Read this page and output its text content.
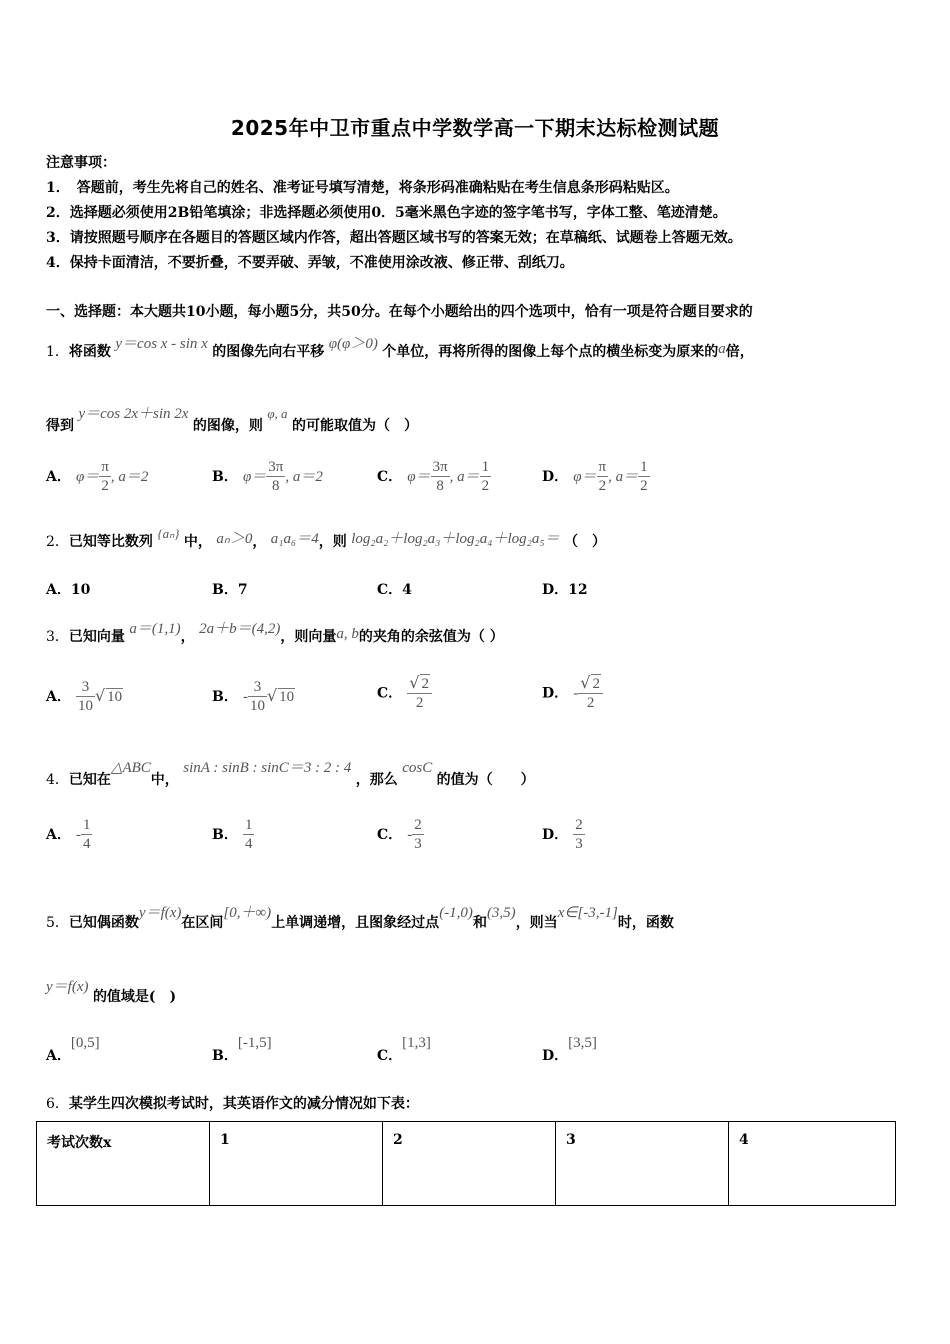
2025年中卫市重点中学数学高一下期末达标检测试题
注意事项：
1．　答题前，考生先将自己的姓名、准考证号填写清楚，将条形码准确粘贴在考生信息条形码粘贴区。
2．选择题必须使用2B铅笔填涂；非选择题必须使用0．5毫米黑色字迹的签字笔书写，字体工整、笔迹清楚。
3．请按照题号顺序在各题目的答题区域内作答，超出答题区域书写的答案无效；在草稿纸、试题卷上答题无效。
4．保持卡面清洁，不要折叠，不要弄破、弄皱，不准使用涂改液、修正带、刮纸刀。
一、选择题：本大题共10小题，每小题5分，共50分。在每个小题给出的四个选项中，恰有一项是符合题目要求的
1．将函数 y＝cos x - sin x 的图像先向右平移 φ(φ＞0) 个单位，再将所得的图像上每个点的横坐标变为原来的a倍，
得到 y＝cos 2x＋sin 2x 的图像，则 φ, a 的可能取值为（　）
A． $\varphi= \frac{\pi}{2}$ , a＝2	B． $\varphi= \frac{3\pi}{8}$ , a＝2	C． $\varphi= \frac{3\pi}{8}$ , $a= \frac{1}{2}$	D． $\varphi= \frac{\pi}{2}$ , $a= \frac{1}{2}$
2．已知等比数列 {aₙ} 中， aₙ＞0， a₁a₆＝4，则 log₂a₂＋log₂a₃＋log₂a₄＋log₂a₅＝ （　）
A．10	B．7	C．4	D．12
3．已知向量 a＝(1,1)， 2a＋b＝(4,2)，则向量a, b的夹角的余弦值为（ ）
A． $\frac{3}{10}$ √ 10	B． - $\frac{3}{10}$ √ 10	C． $\frac{√ 2}{2}$	D． - $\frac{√ 2}{2}$
4．已知在△ABC中， sinA : sinB : sinC＝3 : 2 : 4 ，那么 cosC 的值为（　　）
A． - $\frac{1}{4}$	B． $\frac{1}{4}$	C． - $\frac{2}{3}$	D． $\frac{2}{3}$
5．已知偶函数y＝f(x)在区间[0,＋∞)上单调递增，且图象经过点(-1,0)和(3,5)，则当x∈[-3,-1]时，函数
y＝f(x) 的值域是(　)
A．[0,5]
B．[-1,5]
C．[1,3]
D．[3,5]
6．某学生四次模拟考试时，其英语作文的减分情况如下表：
考试次数x	1	2	3	4
